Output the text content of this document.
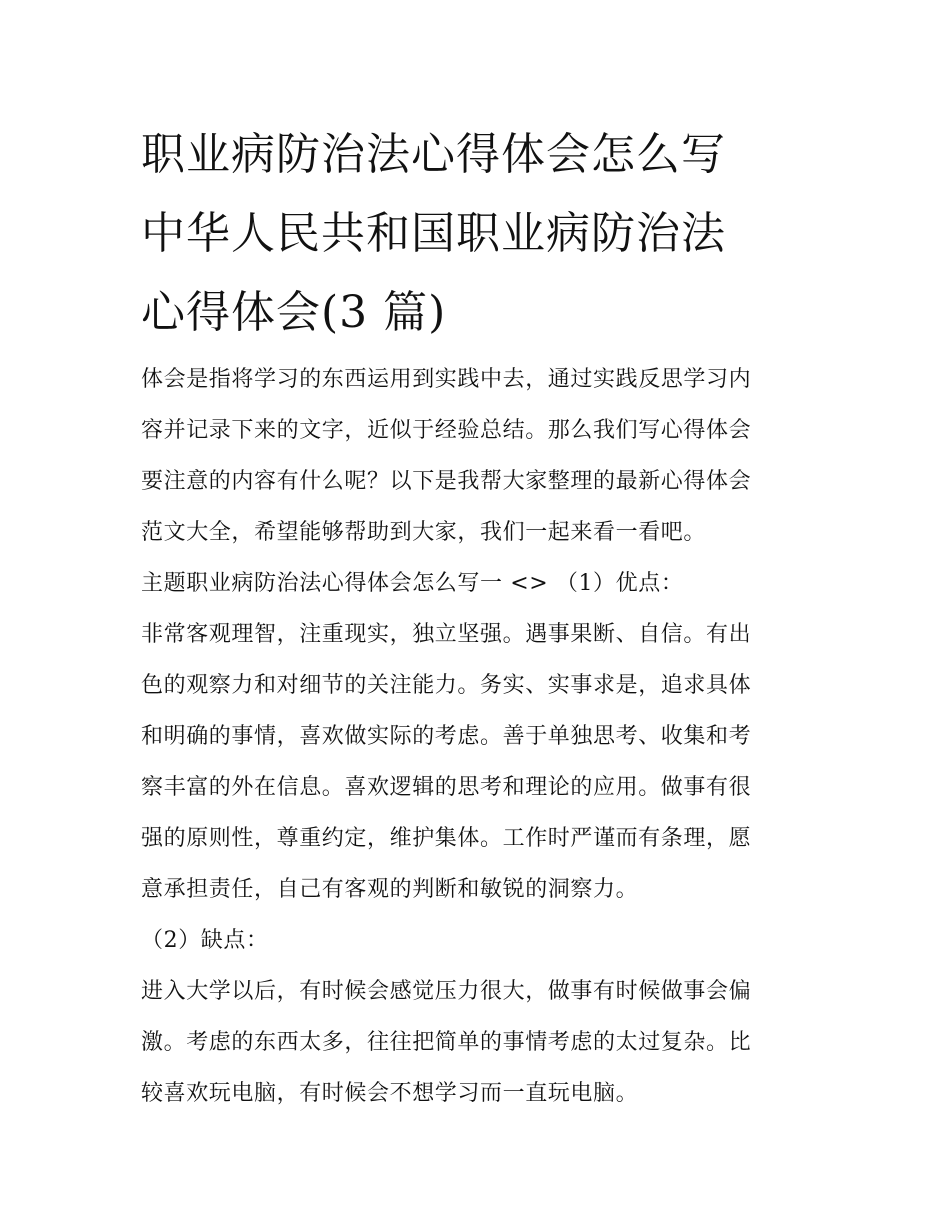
职业病防治法心得体会怎么写
中华人民共和国职业病防治法
心得体会(3 篇)

体会是指将学习的东西运用到实践中去，通过实践反思学习内
容并记录下来的文字，近似于经验总结。那么我们写心得体会
要注意的内容有什么呢？以下是我帮大家整理的最新心得体会
范文大全，希望能够帮助到大家，我们一起来看一看吧。

主题职业病防治法心得体会怎么写一 <> （1）优点：

非常客观理智，注重现实，独立坚强。遇事果断、自信。有出
色的观察力和对细节的关注能力。务实、实事求是，追求具体
和明确的事情，喜欢做实际的考虑。善于单独思考、收集和考
察丰富的外在信息。喜欢逻辑的思考和理论的应用。做事有很
强的原则性，尊重约定，维护集体。工作时严谨而有条理，愿
意承担责任，自己有客观的判断和敏锐的洞察力。

（2）缺点：

进入大学以后，有时候会感觉压力很大，做事有时候做事会偏
激。考虑的东西太多，往往把简单的事情考虑的太过复杂。比
较喜欢玩电脑，有时候会不想学习而一直玩电脑。
